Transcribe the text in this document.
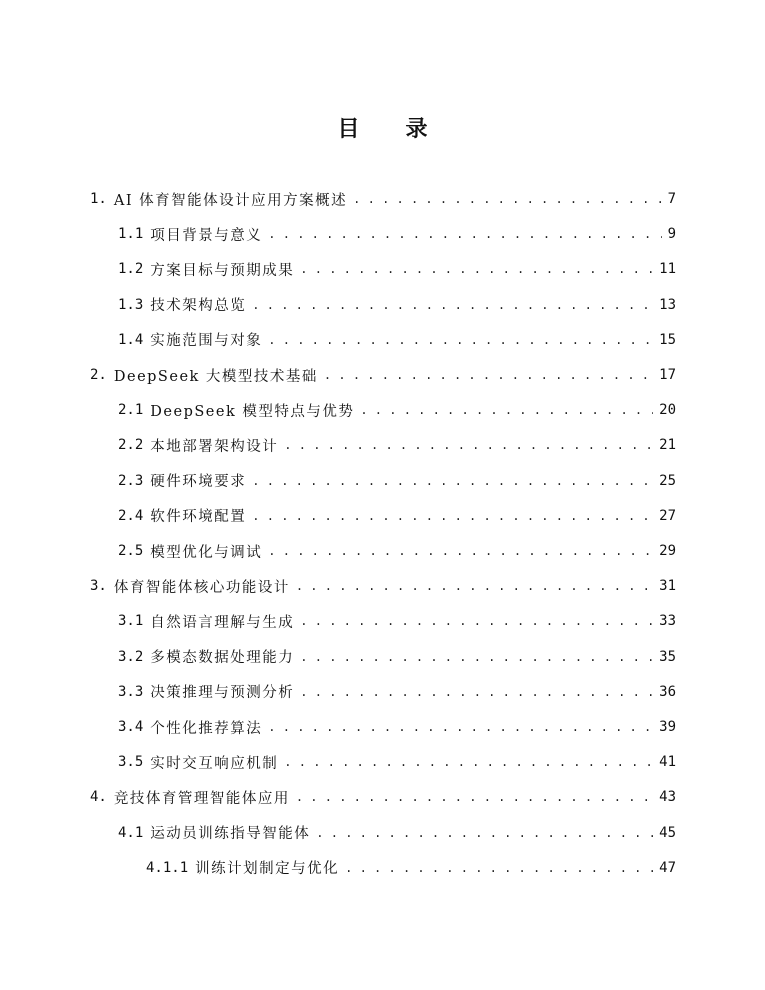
目 录
1. AI 体育智能体设计应用方案概述 . . .	7
1.1 项目背景与意义 . . .	9
1.2 方案目标与预期成果 . . .	11
1.3 技术架构总览 . . .	13
1.4 实施范围与对象 . . .	15
2. DeepSeek 大模型技术基础 . . .	17
2.1 DeepSeek 模型特点与优势 . . .	20
2.2 本地部署架构设计 . . .	21
2.3 硬件环境要求 . . .	25
2.4 软件环境配置 . . .	27
2.5 模型优化与调试 . . .	29
3. 体育智能体核心功能设计 . . .	31
3.1 自然语言理解与生成 . . .	33
3.2 多模态数据处理能力 . . .	35
3.3 决策推理与预测分析 . . .	36
3.4 个性化推荐算法 . . .	39
3.5 实时交互响应机制 . . .	41
4. 竞技体育管理智能体应用 . . .	43
4.1 运动员训练指导智能体 . . .	45
4.1.1 训练计划制定与优化 . . .	47
